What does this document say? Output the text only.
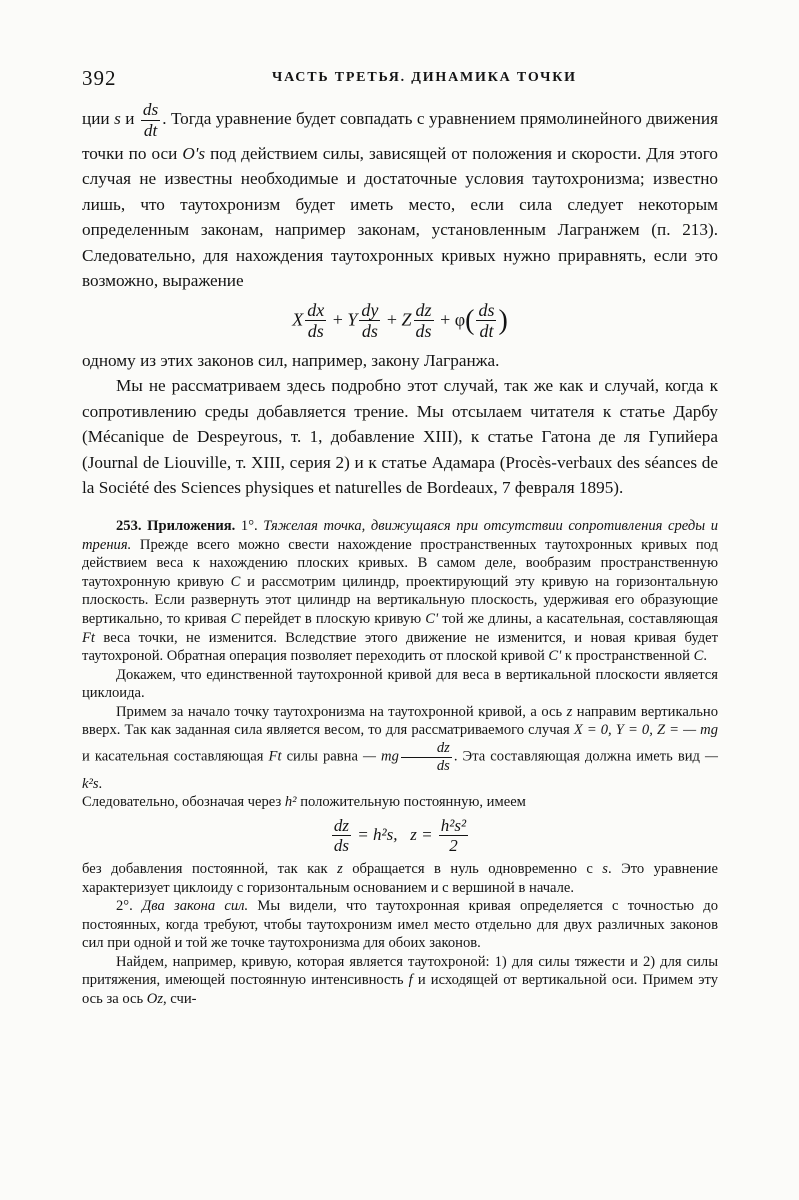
392	ЧАСТЬ ТРЕТЬЯ. ДИНАМИКА ТОЧКИ

ции s и $\frac{ds}{dt}$ . Тогда уравнение будет совпадать с уравнением прямолинейного движения точки по оси O's под действием силы, зависящей от положения и скорости. Для этого случая не известны необходимые и достаточные условия таутохронизма; известно лишь, что таутохронизм будет иметь место, если сила следует некоторым определенным законам, например законам, установленным Лагранжем (п. 213). Следовательно, для нахождения таутохронных кривых нужно приравнять, если это возможно, выражение

X $\frac{dx}{ds} + Y \frac{dy}{ds} + Z \frac{dz}{ds} + \varphi( \frac{ds}{dt}$ )

одному из этих законов сил, например, закону Лагранжа.

Мы не рассматриваем здесь подробно этот случай, так же как и случай, когда к сопротивлению среды добавляется трение. Мы отсылаем читателя к статье Дарбу (Mécanique de Despeyrous, т. 1, добавление XIII), к статье Гатона де ля Гупийера (Journal de Liouville, т. XIII, серия 2) и к статье Адамара (Procès-verbaux des séances de la Société des Sciences physiques et naturelles de Bordeaux, 7 февраля 1895).

253. Приложения. 1°. Тяжелая точка, движущаяся при отсутствии сопротивления среды и трения. Прежде всего можно свести нахождение пространственных таутохронных кривых под действием веса к нахождению плоских кривых. В самом деле, вообразим пространственную таутохронную кривую C и рассмотрим цилиндр, проектирующий эту кривую на горизонтальную плоскость. Если развернуть этот цилиндр на вертикальную плоскость, удерживая его образующие вертикально, то кривая C перейдет в плоскую кривую C' той же длины, а касательная, составляющая Ft веса точки, не изменится. Вследствие этого движение не изменится, и новая кривая будет таутохроной. Обратная операция позволяет переходить от плоской кривой C' к пространственной C.

Докажем, что единственной таутохронной кривой для веса в вертикальной плоскости является циклоида.

Примем за начало точку таутохронизма на таутохронной кривой, а ось z направим вертикально вверх. Так как заданная сила является весом, то для рассматриваемого случая X = 0, Y = 0, Z = — mg и касательная составляющая Ft силы равна — mg $\frac{dz}{ds}$ . Эта составляющая должна иметь вид — k²s.

Следовательно, обозначая через h² положительную постоянную, имеем

$\frac{dz}{ds} = h^2s$, $z = \frac{\text{h²s²}}{2}$

без добавления постоянной, так как z обращается в нуль одновременно с s. Это уравнение характеризует циклоиду с горизонтальным основанием и с вершиной в начале.

2°. Два закона сил. Мы видели, что таутохронная кривая определяется с точностью до постоянных, когда требуют, чтобы таутохронизм имел место отдельно для двух различных законов сил при одной и той же точке таутохронизма для обоих законов.

Найдем, например, кривую, которая является таутохроной: 1) для силы тяжести и 2) для силы притяжения, имеющей постоянную интенсивность f и исходящей от вертикальной оси. Примем эту ось за ось Oz, счи-
